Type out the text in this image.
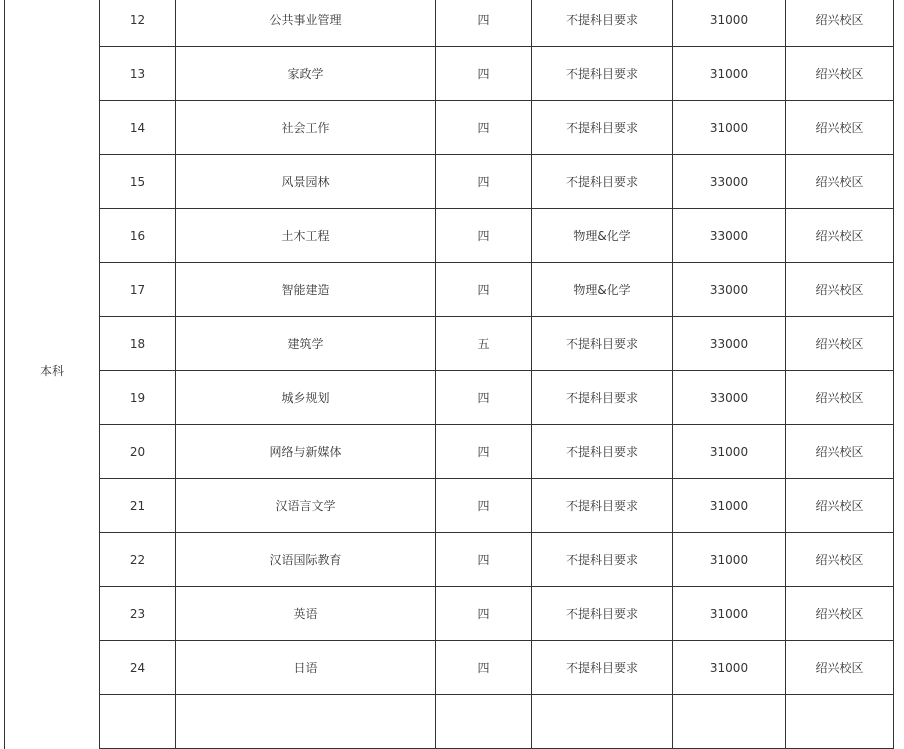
本科	12	公共事业管理	四	不提科目要求	31000	绍兴校区
	13	家政学	四	不提科目要求	31000	绍兴校区
	14	社会工作	四	不提科目要求	31000	绍兴校区
	15	风景园林	四	不提科目要求	33000	绍兴校区
	16	土木工程	四	物理&化学	33000	绍兴校区
	17	智能建造	四	物理&化学	33000	绍兴校区
	18	建筑学	五	不提科目要求	33000	绍兴校区
	19	城乡规划	四	不提科目要求	33000	绍兴校区
	20	网络与新媒体	四	不提科目要求	31000	绍兴校区
	21	汉语言文学	四	不提科目要求	31000	绍兴校区
	22	汉语国际教育	四	不提科目要求	31000	绍兴校区
	23	英语	四	不提科目要求	31000	绍兴校区
	24	日语	四	不提科目要求	31000	绍兴校区
